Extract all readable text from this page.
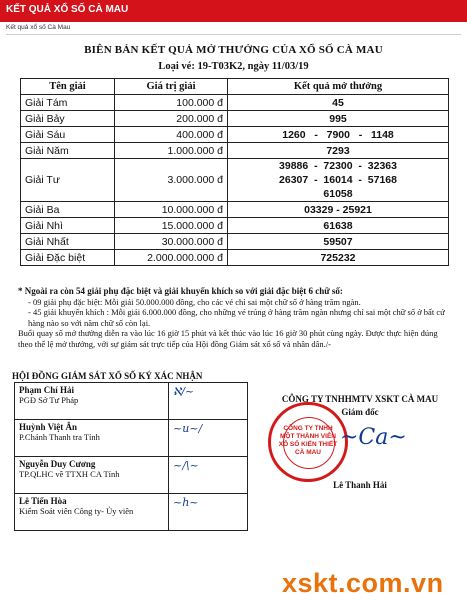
KẾT QUẢ XỔ SỐ CÀ MAU
Kết quả xổ số Cà Mau
BIÊN BẢN KẾT QUẢ MỞ THƯỞNG CỦA XỔ SỐ CÀ MAU
Loại vé: 19-T03K2, ngày 11/03/19
Tên giải	Giá trị giải	Kết quả mở thưởng
Giải Tám	100.000 đ	45
Giải Bảy	200.000 đ	995
Giải Sáu	400.000 đ	1260   -   7900   -   1148
Giải Năm	1.000.000 đ	7293
Giải Tư	3.000.000 đ	39886  -  72300  -  32363
26307  -  16014  -  57168
61058

Giải Ba	10.000.000 đ	03329 - 25921
Giải Nhì	15.000.000 đ	61638
Giải Nhất	30.000.000 đ	59507
Giải Đặc biệt	2.000.000.000 đ	725232
* Ngoài ra còn 54 giải phụ đặc biệt và giải khuyến khích so với giải đặc biệt 6 chữ số:
- 09 giải phụ đặc biệt: Mỗi giải 50.000.000 đồng, cho các vé chỉ sai một chữ số ở hàng trăm ngàn.
- 45 giải khuyến khích : Mỗi giải 6.000.000 đồng, cho những vé trúng ở hàng trăm ngàn nhưng chỉ sai một chữ số ở bất cứ hàng nào so với năm chữ số còn lại.
Buổi quay số mở thưởng diễn ra vào lúc 16 giờ 15 phút và kết thúc vào lúc 16 giờ 30 phút cùng ngày. Được thực hiện đúng theo thể lệ mở thưởng, với sự giám sát trực tiếp của Hội đồng Giám sát xổ số và nhân dân./-
HỘI ĐỒNG GIÁM SÁT XỔ SỐ KÝ XÁC NHẬN
Phạm Chí Hải
PGĐ Sở Tư Pháp	ℵ∕~

Huỳnh Việt Ân
P.Chánh Thanh tra Tỉnh	~u~/

Nguyễn Duy Cương
TP.QLHC về TTXH CA Tỉnh	~/\~

Lê Tiến Hòa
Kiểm Soát viên Công ty- Ủy viên	~h~
CÔNG TY TNHHMTV XSKT CÀ MAU
Giám đốc
CÔNG TY TNHH
MỘT THÀNH VIÊN
XỔ SỐ KIẾN THIẾT
CÀ MAU
~Ca~
Lê Thanh Hải
xskt.com.vn
